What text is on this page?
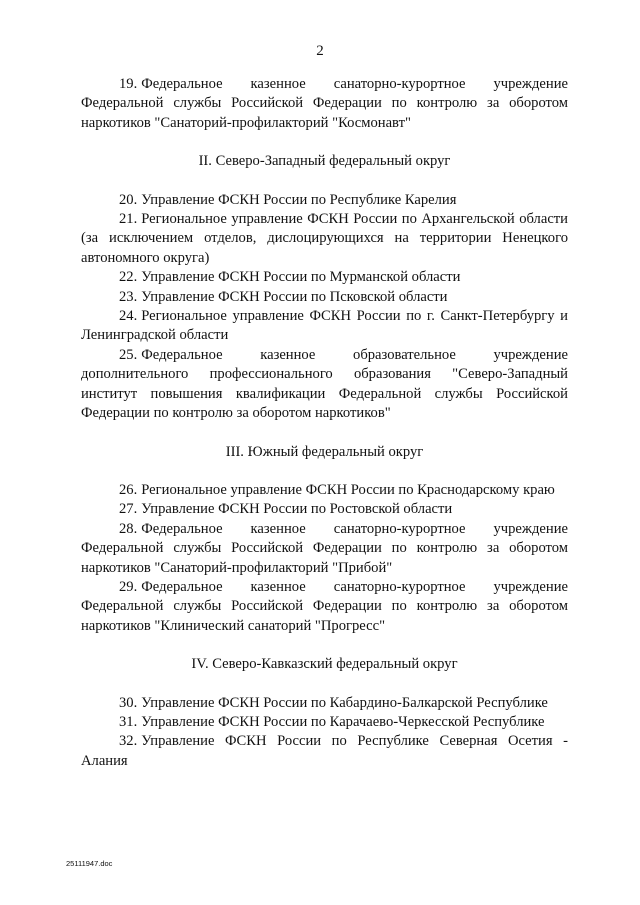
2

19. Федеральное казенное санаторно-курортное учреждение Федеральной службы Российской Федерации по контролю за оборотом наркотиков "Санаторий-профилакторий "Космонавт"

II. Северо-Западный федеральный округ

20. Управление ФСКН России по Республике Карелия

21. Региональное управление ФСКН России по Архангельской области (за исключением отделов, дислоцирующихся на территории Ненецкого автономного округа)

22. Управление ФСКН России по Мурманской области

23. Управление ФСКН России по Псковской области

24. Региональное управление ФСКН России по г. Санкт-Петербургу и Ленинградской области

25. Федеральное казенное образовательное учреждение дополнительного профессионального образования "Северо-Западный институт повышения квалификации Федеральной службы Российской Федерации по контролю за оборотом наркотиков"

III. Южный федеральный округ

26. Региональное управление ФСКН России по Краснодарскому краю

27. Управление ФСКН России по Ростовской области

28. Федеральное казенное санаторно-курортное учреждение Федеральной службы Российской Федерации по контролю за оборотом наркотиков "Санаторий-профилакторий "Прибой"

29. Федеральное казенное санаторно-курортное учреждение Федеральной службы Российской Федерации по контролю за оборотом наркотиков "Клинический санаторий "Прогресс"

IV. Северо-Кавказский федеральный округ

30. Управление ФСКН России по Кабардино-Балкарской Республике

31. Управление ФСКН России по Карачаево-Черкесской Республике

32. Управление ФСКН России по Республике Северная Осетия - Алания

25111947.doc
